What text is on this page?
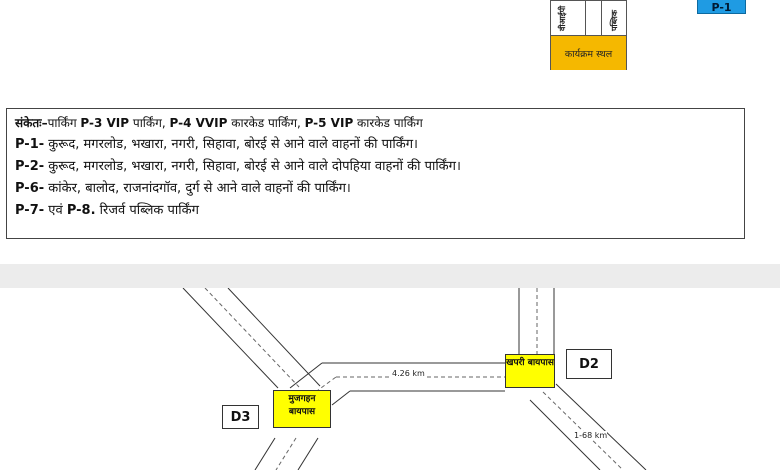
वीआईपी	पब्लिक
कार्यक्रम स्थल
P-1
संकेतः–पार्किंग P-3 VIP पार्किंग, P-4 VVIP कारकेड पार्किंग, P-5 VIP कारकेड पार्किंग
P-1- कुरूद, मगरलोड, भखारा, नगरी, सिहावा, बोरई से आने वाले वाहनों की पार्किंग।
P-2- कुरूद, मगरलोड, भखारा, नगरी, सिहावा, बोरई से आने वाले दोपहिया वाहनों की पार्किंग।
P-6- कांकेर, बालोद, राजनांदगॉव, दुर्ग से आने वाले वाहनों की पार्किंग।
P-7- एवं P-8. रिजर्व पब्लिक पार्किंग
4.26 km
1-68 km
मुजगहन बायपास
खपरी बायपास
D3
D2
